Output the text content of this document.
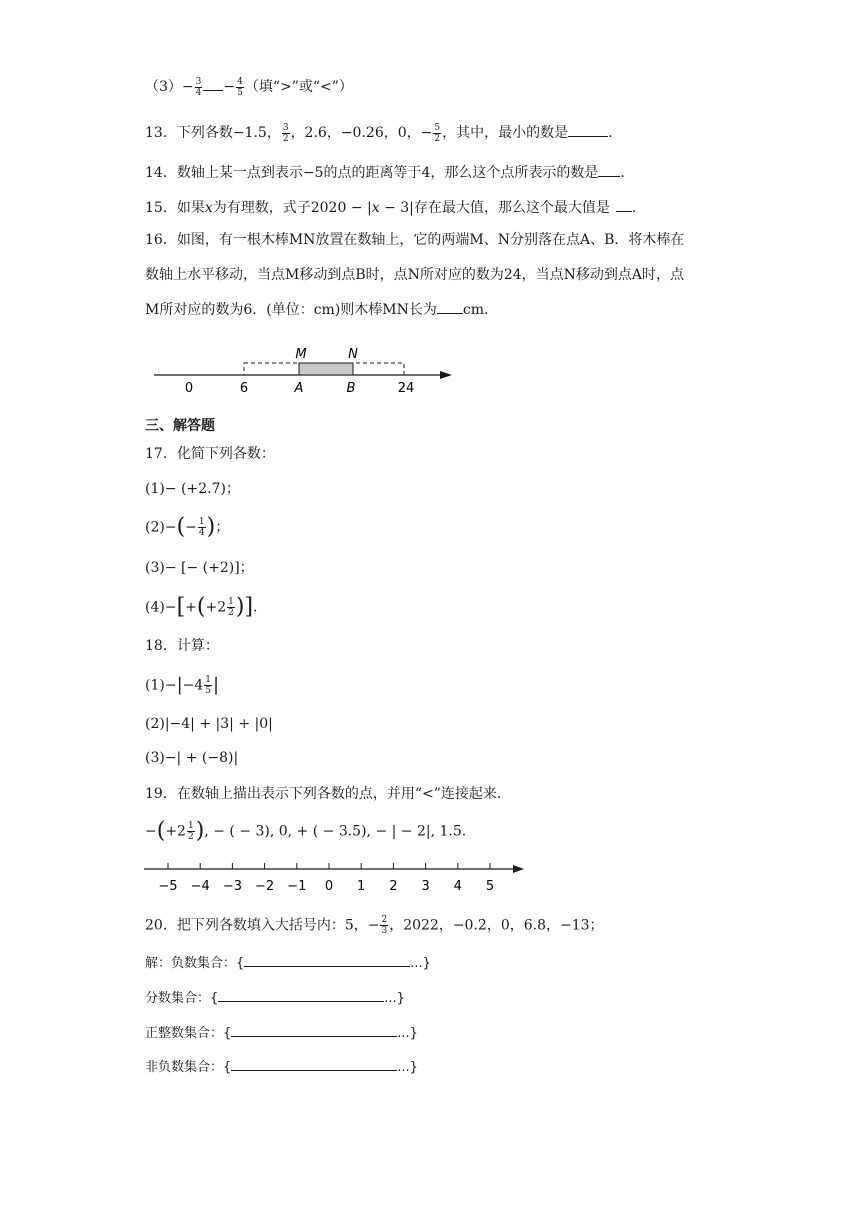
$(3)- \frac{3}{4} - \frac{4}{5}$ （填“>”或“<”）
13．下列各数−1.5， $\frac{3}{2}$ ，2.6，−0.26，0，− $\frac{5}{2}$ ，其中，最小的数是	.
14．数轴上某一点到表示−5的点的距离等于4，那么这个点所表示的数是 .
15．如果x为有理数，式子2020 − |x − 3|存在最大值，那么这个最大值是 .
16．如图，有一根木棒MN放置在数轴上，它的两端M、N分别落在点A、B．将木棒在
数轴上水平移动，当点M移动到点B时，点N所对应的数为24，当点N移动到点A时，点
M所对应的数为6．(单位：cm)则木棒MN长为 cm.
M	N
0	6	A	B	24
三、解答题
17．化简下列各数：
(1)− (+2.7)；
$(2)-(- \frac{1}{4}$ )；
(3)− [− (+2)]；
$(4)-[+(+2 \frac{1}{2}$ )].
18．计算：
$(1)-|-4 \frac{1}{5}$ |
(2)|−4| + |3| + |0|
(3)−| + (−8)|
19．在数轴上描出表示下列各数的点，并用“<”连接起来.
$-(+2 \frac{1}{2}$ ), − ( − 3), 0, + ( − 3.5), − | − 2|, 1.5.
−5 −4 −3 −2 −1 0 1 2 3 4 5
20．把下列各数填入大括号内：5，− $\frac{2}{3}$ ，2022，−0.2̇，0，6.8，−13；
解：负数集合：{	...}
分数集合：{	...}
正整数集合：{	...}
非负数集合：{	...}
